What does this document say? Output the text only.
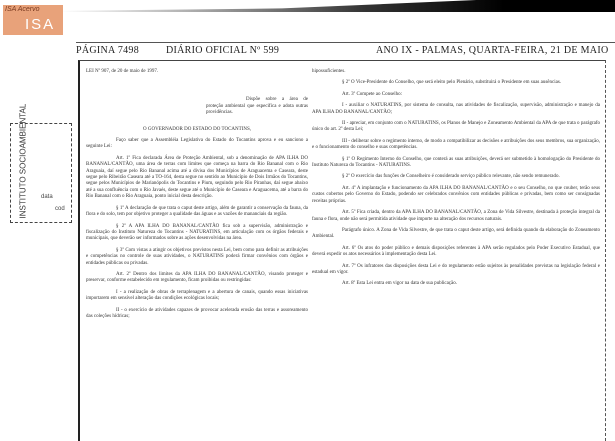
ISA Acervo
ISA
INSTITUTO SOCIOAMBIENTAL data
cod
PÁGINA 7498	DIÁRIO OFICIAL Nº 599	ANO IX - PALMAS, QUARTA-FEIRA, 21 DE MAIO

LEI Nº 907, de 20 de maio de 1997.

Dispõe sobre a área de proteção ambiental que especifica e adota outras providências.

O GOVERNADOR DO ESTADO DO TOCANTINS,

Faço saber que a Assembléia Legislativa do Estado do Tocantins aprova e eu sanciono a seguinte Lei:

Art. 1º Fica declarada Área de Proteção Ambiental, sob a denominação de APA ILHA DO BANANAL/CANTÃO, uma área de terras com limites que começa na barra do Rio Bananal com o Rio Araguaia, daí segue pelo Rio Bananal acima até a divisa dos Municípios de Araguacema e Caseara, deste segue pelo Ribeirão Caseara até a TO-164, desta segue no sentido ao Município de Dois Irmãos do Tocantins, segue pelos Municípios de Marianópolis do Tocantins e Pium, seguindo pelo Rio Piranhas, daí segue abaixo até a sua confluência com o Rio Javaés, deste segue até o Município de Caseara e Araguacema, até a barra do Rio Bananal com o Rio Araguaia, ponto inicial desta descrição.

§ 1º A declaração de que trata o caput deste artigo, além de garantir a conservação da fauna, da flora e do solo, tem por objetivo proteger a qualidade das águas e as vazões de mananciais da região.

§ 2º A APA ILHA DO BANANAL/CANTÃO fica sob a supervisão, administração e fiscalização do Instituto Natureza do Tocantins - NATURATINS, em articulação com os órgãos federais e municipais, que deverão ser informados sobre as ações desenvolvidas na área.

§ 3º Com vistas a atingir os objetivos previstos nesta Lei, bem como para definir as atribuições e competências no controle de suas atividades, o NATURATINS poderá firmar convênios com órgãos e entidades públicas ou privadas.

Art. 2º Dentro dos limites da APA ILHA DO BANANAL/CANTÃO, visando proteger e preservar, conforme estabelecido em regulamento, ficam proibidas ou restringidas:

I - a realização de obras de terraplenagem e a abertura de canais, quando essas iniciativas importarem em sensível alteração das condições ecológicas locais;

II - o exercício de atividades capazes de provocar acelerada erosão das terras e assoreamento das coleções hídricas;

hipossuficientes.

§ 2º O Vice-Presidente do Conselho, que será eleito pelo Plenário, substituirá o Presidente em suas ausências.

Art. 3º Compete ao Conselho:

I - auxiliar o NATURATINS, por sistema de consulta, nas atividades de fiscalização, supervisão, administração e manejo da APA ILHA DO BANANAL/CANTÃO;

II - apreciar, em conjunto com o NATURATINS, os Planos de Manejo e Zoneamento Ambiental da APA de que trata o parágrafo único do art. 2º desta Lei;

III - deliberar sobre o regimento interno, de modo a compatibilizar as decisões e atribuições dos seus membros, sua organização, e o funcionamento do conselho e suas competências.

§ 1º O Regimento Interno do Conselho, que conterá as suas atribuições, deverá ser submetido à homologação do Presidente do Instituto Natureza do Tocantins - NATURATINS.

§ 2º O exercício das funções de Conselheiro é considerado serviço público relevante, não sendo remunerado.

Art. 4º A implantação e funcionamento da APA ILHA DO BANANAL/CANTÃO e o seu Conselho, no que couber, terão seus custos cobertos pelo Governo do Estado, podendo ser celebrados convênios com entidades públicas e privadas, bem como ser consignadas receitas próprias.

Art. 5º Fica criada, dentro da APA ILHA DO BANANAL/CANTÃO, a Zona de Vida Silvestre, destinada à proteção integral da fauna e flora, onde não será permitida atividade que importe na alteração dos recursos naturais.

Parágrafo único. A Zona de Vida Silvestre, de que trata o caput deste artigo, será definida quando da elaboração do Zoneamento Ambiental.

Art. 6º Os atos do poder público e demais disposições referentes à APA serão regulados pelo Poder Executivo Estadual, que deverá expedir os atos necessários à implementação desta Lei.

Art. 7º Os infratores das disposições desta Lei e do regulamento estão sujeitos às penalidades previstas na legislação federal e estadual em vigor.

Art. 8º Esta Lei entra em vigor na data de sua publicação.
